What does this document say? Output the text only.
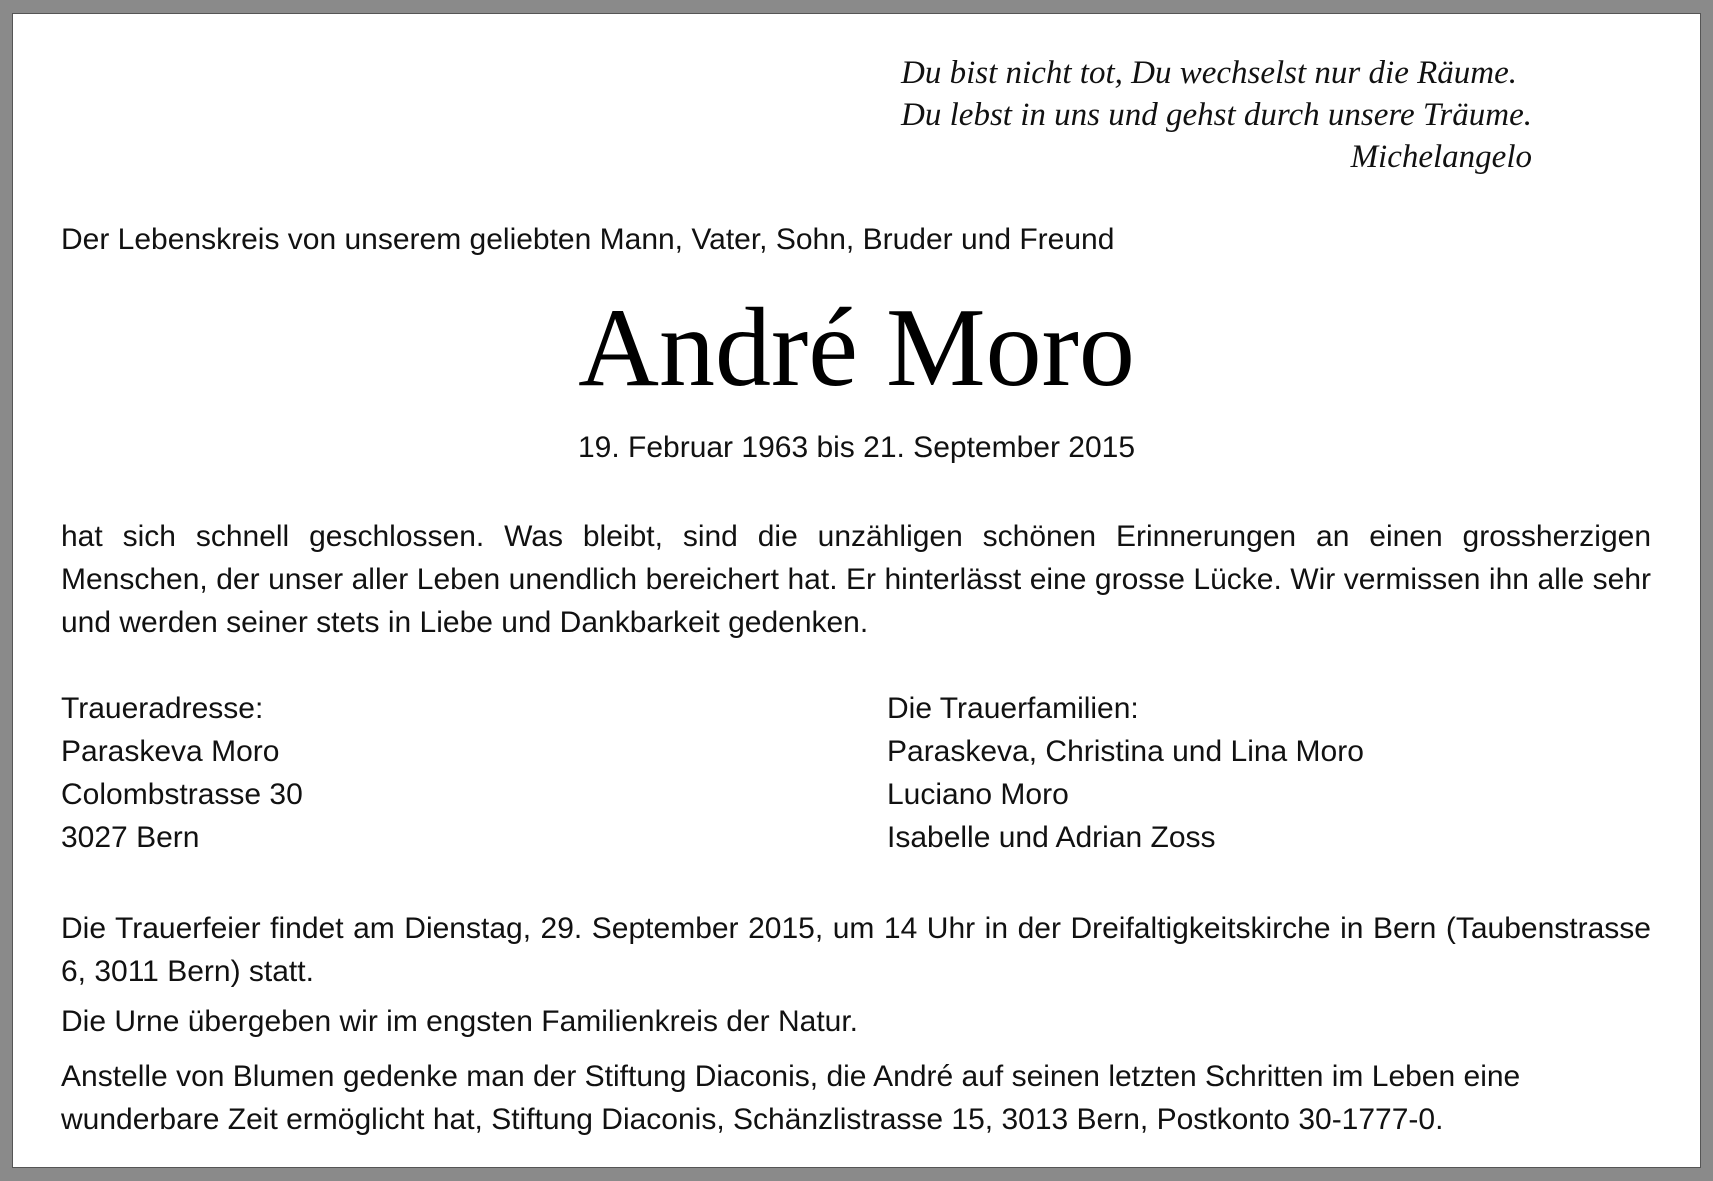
Du bist nicht tot, Du wechselst nur die Räume.
Du lebst in uns und gehst durch unsere Träume.
Michelangelo
Der Lebenskreis von unserem geliebten Mann, Vater, Sohn, Bruder und Freund
André Moro
19. Februar 1963 bis 21. September 2015
hat sich schnell geschlossen. Was bleibt, sind die unzähligen schönen Erinnerungen an einen grossherzigen Menschen, der unser aller Leben unendlich bereichert hat. Er hinterlässt eine grosse Lücke. Wir vermissen ihn alle sehr und werden seiner stets in Liebe und Dankbarkeit gedenken.
Traueradresse:
Paraskeva Moro
Colombstrasse 30
3027 Bern
Die Trauerfamilien:
Paraskeva, Christina und Lina Moro
Luciano Moro
Isabelle und Adrian Zoss
Die Trauerfeier findet am Dienstag, 29. September 2015, um 14 Uhr in der Dreifaltigkeitskirche in Bern (Taubenstrasse 6, 3011 Bern) statt.
Die Urne übergeben wir im engsten Familienkreis der Natur.
Anstelle von Blumen gedenke man der Stiftung Diaconis, die André auf seinen letzten Schritten im Leben eine
wunderbare Zeit ermöglicht hat, Stiftung Diaconis, Schänzlistrasse 15, 3013 Bern, Postkonto 30-1777-0.
